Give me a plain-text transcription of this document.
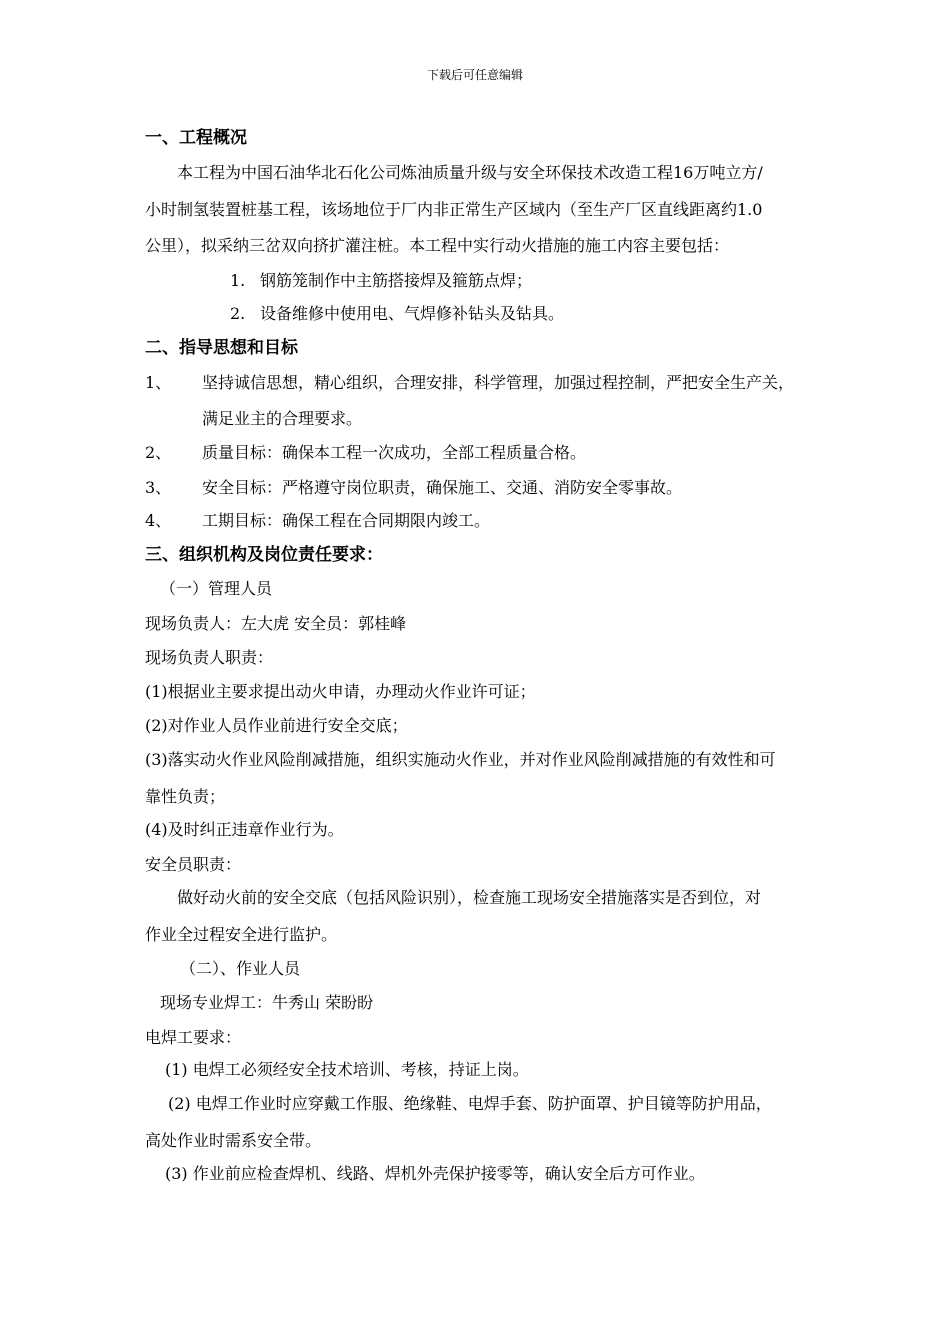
下载后可任意编辑
一、工程概况
本工程为中国石油华北石化公司炼油质量升级与安全环保技术改造工程16万吨立方/
小时制氢装置桩基工程，该场地位于厂内非正常生产区域内（至生产厂区直线距离约1.0
公里），拟采纳三岔双向挤扩灌注桩。本工程中实行动火措施的施工内容主要包括：
1. 钢筋笼制作中主筋搭接焊及箍筋点焊；
2. 设备维修中使用电、气焊修补钻头及钻具。
二、指导思想和目标
1、 坚持诚信思想，精心组织，合理安排，科学管理，加强过程控制，严把安全生产关，
满足业主的合理要求。
2、 质量目标：确保本工程一次成功，全部工程质量合格。
3、 安全目标：严格遵守岗位职责，确保施工、交通、消防安全零事故。
4、 工期目标：确保工程在合同期限内竣工。
三、组织机构及岗位责任要求：
（一）管理人员
现场负责人：左大虎 安全员：郭桂峰
现场负责人职责：
(1)根据业主要求提出动火申请，办理动火作业许可证；
(2)对作业人员作业前进行安全交底；
(3)落实动火作业风险削减措施，组织实施动火作业，并对作业风险削减措施的有效性和可
靠性负责；
(4)及时纠正违章作业行为。
安全员职责：
做好动火前的安全交底（包括风险识别），检查施工现场安全措施落实是否到位，对
作业全过程安全进行监护。
（二）、作业人员
现场专业焊工：牛秀山 荣盼盼
电焊工要求：
(1) 电焊工必须经安全技术培训、考核，持证上岗。
(2) 电焊工作业时应穿戴工作服、绝缘鞋、电焊手套、防护面罩、护目镜等防护用品，
高处作业时需系安全带。
(3) 作业前应检查焊机、线路、焊机外壳保护接零等，确认安全后方可作业。
